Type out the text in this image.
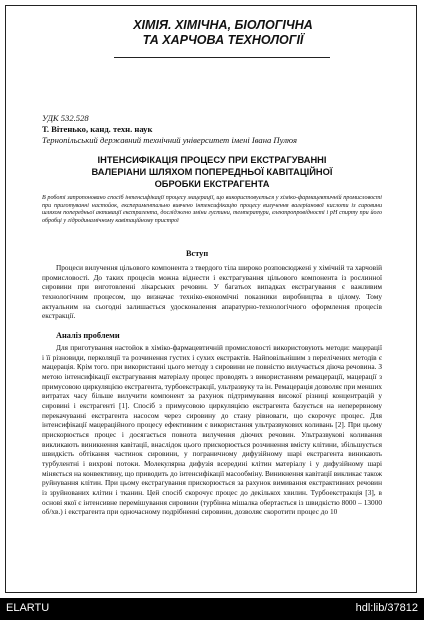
ХІМІЯ. ХІМІЧНА, БІОЛОГІЧНА
ТА ХАРЧОВА ТЕХНОЛОГІЇ
УДК 532.528
Т. Вітенько, канд. техн. наук
Тернопільський державний технічний університет імені Івана Пулюя
ІНТЕНСИФІКАЦІЯ ПРОЦЕСУ ПРИ ЕКСТРАГУВАННІ
ВАЛЕРІАНИ ШЛЯХОМ ПОПЕРЕДНЬОЇ КАВІТАЦІЙНОЇ
ОБРОБКИ ЕКСТРАГЕНТА
В роботі запропоновано спосіб інтенсифікації процесу мацерації, що використовується у хіміко-фармацевтичній промисловості при приготуванні настойок, експериментально вивчено інтенсифікацію процесу вилучення валеріанової кислоти із сировини шляхом попередньої активації екстрагента, досліджено зміни густини, температури, електропровідності і pH спирту при його обробці у гідродинамічному кавітаційному пристрої
Вступ

Процеси вилучення цільового компонента з твердого тіла широко розповсюджені у хімічній та харчовій промисловості. До таких процесів можна віднести і екстрагування цільового компонента із рослинної сировини при виготовленні лікарських речовин. У багатьох випадках екстрагування є важливим технологічним процесом, що визначає техніко-економічні показники виробництва в цілому. Тому актуальним на сьогодні залишається удосконалення апаратурно-технологічного оформлення процесів екстракції.

Аналіз проблеми

Для приготування настойок в хіміко-фармацевтичній промисловості використовують методи: мацерації і її різновиди, перколяції та розчинення густих і сухих екстрактів. Найповільнішим з перелічених методів є мацерація. Крім того. при використанні цього методу з сировини не повністю вилучається діюча речовина. З метою інтенсифікації екстрагування матеріалу процес проводять з використанням ремацерації, мацерації з примусовою циркуляцією екстрагента, турбоекстракції, ультразвуку та ін. Ремацерація дозволяє при менших витратах часу більше вилучити компонент за рахунок підтримування високої різниці концентрацій у сировині і екстрагенті [1]. Спосіб з примусовою циркуляцією екстрагента базується на неперервному перекачуванні екстрагента насосом через сировину до стану рівноваги, що скорочує процес. Для інтенсифікації мацераційного процесу ефективним є використання ультразвукових коливань [2]. При цьому прискорюється процес і досягається повнота вилучення діючих речовин. Ультразвукові коливання викликають виникнення кавітації, внаслідок цього прискорюється розчинення вмісту клітини, збільшується швидкість обтікання частинок сировини, у пограничному дифузійному шарі екстрагента виникають турбулентні і вихрові потоки. Молекулярна дифузія всередині клітин матеріалу і у дифузійному шарі міняється на конвективну, що приводить до інтенсифікації масообміну. Виникнення кавітації викликає також руйнування клітин. При цьому екстрагування прискорюється за рахунок вимивання екстрактивних речовин із зруйнованих клітин і тканин. Цей спосіб скорочує процес до декількох хвилин. Турбоекстракція [3], в основі якої є інтенсивне перемішування сировини (турбінна мішалка обертається із швидкістю 8000 – 13000 об/хв.) і екстрагента при одночасному подрібненні сировини, дозволяє скоротити процес до 10

ELARTU	hdl:lib/37812
